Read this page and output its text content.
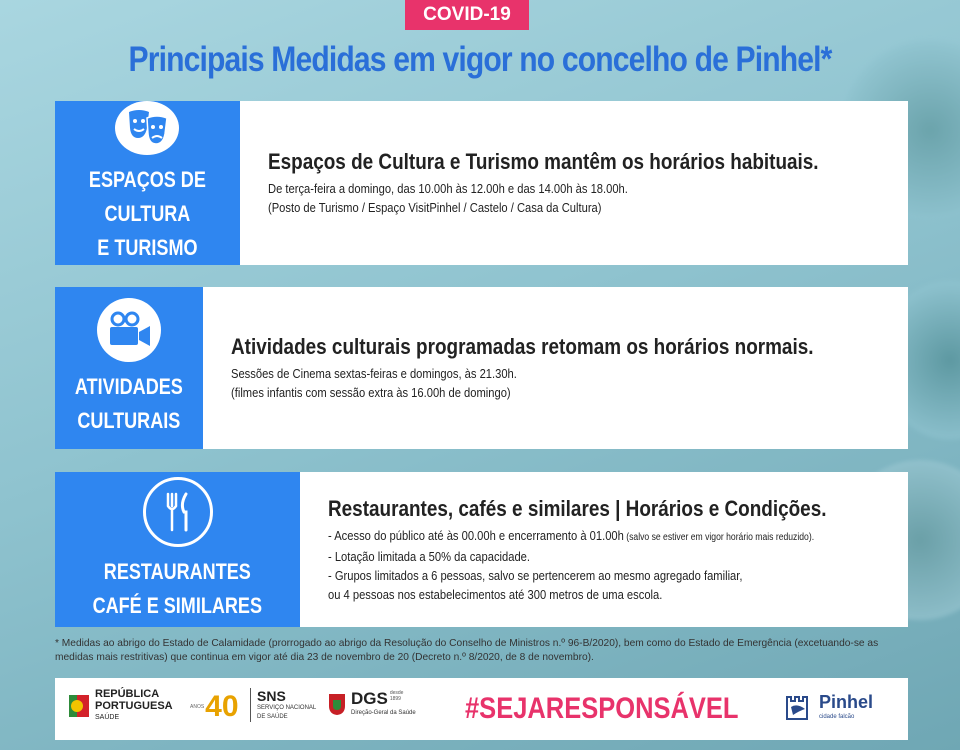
COVID-19
Principais Medidas em vigor no concelho de Pinhel*
ESPAÇOS DE CULTURA
E TURISMO
Espaços de Cultura e Turismo mantêm os horários habituais.
De terça-feira a domingo, das 10.00h às 12.00h e das 14.00h às 18.00h.
(Posto de Turismo / Espaço VisitPinhel / Castelo / Casa da Cultura)
ATIVIDADES CULTURAIS
Atividades culturais programadas retomam os horários normais.
Sessões de Cinema sextas-feiras e domingos, às 21.30h.
(filmes infantis com sessão extra às 16.00h de domingo)
RESTAURANTES
CAFÉ E SIMILARES
Restaurantes, cafés e similares | Horários e Condições.
- Acesso do público até às 00.00h e encerramento à 01.00h (salvo se estiver em vigor horário mais reduzido).
- Lotação limitada a 50% da capacidade.
- Grupos limitados a 6 pessoas, salvo se pertencerem ao mesmo agregado familiar,
ou 4 pessoas nos estabelecimentos até 300 metros de uma escola.
* Medidas ao abrigo do Estado de Calamidade (prorrogado ao abrigo da Resolução do Conselho de Ministros n.º 96-B/2020), bem como do Estado de Emergência (excetuando-se as medidas mais restritivas) que continua em vigor até dia 23 de novembro de 20 (Decreto n.º 8/2020, de 8 de novembro).
REPÚBLICA
PORTUGUESA
SAÚDE
ANOS 40 SNS
SERVIÇO NACIONAL
DE SAÚDE
DGS desde 1899
Direção-Geral da Saúde #SEJARESPONSÁVEL	Pinhel
cidade falcão
